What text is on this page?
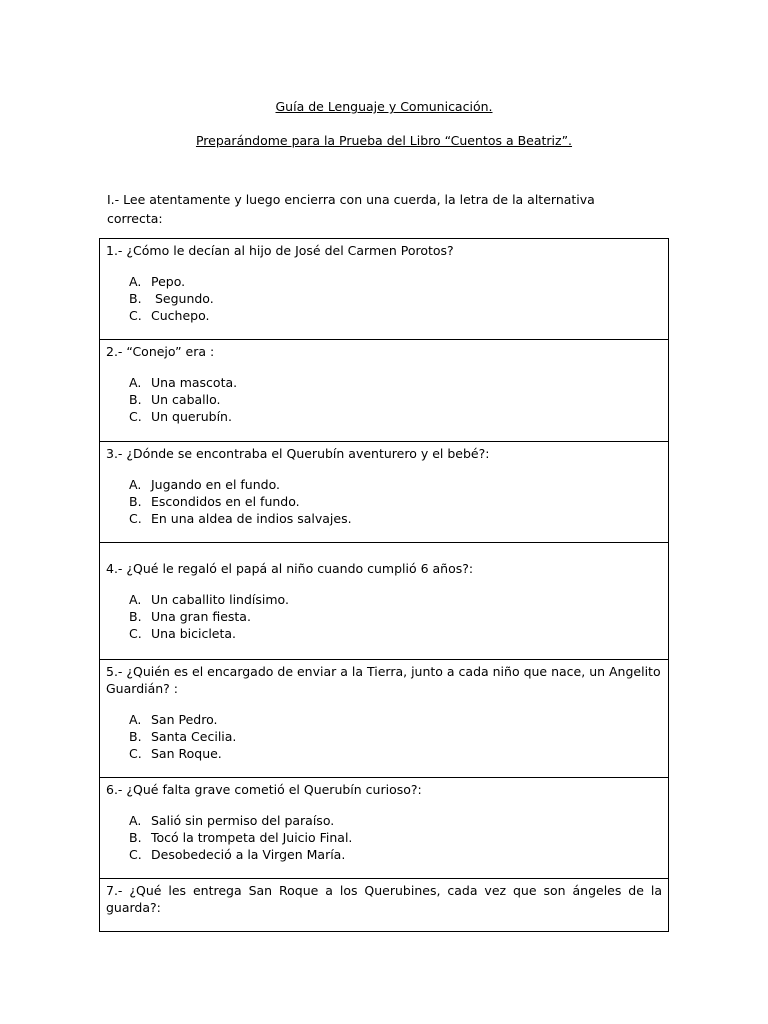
Guía de Lenguaje y Comunicación.
Preparándome para la Prueba del Libro “Cuentos a Beatriz”.
I.- Lee atentamente y luego encierra con una cuerda, la letra de la alternativa correcta:
1.- ¿Cómo le decían al hijo de José del Carmen Porotos?
A. Pepo.
B. Segundo.
C. Cuchepo.

2.- “Conejo” era :
A. Una mascota.
B. Un caballo.
C. Un querubín.

3.- ¿Dónde se encontraba el Querubín aventurero y el bebé?:
A. Jugando en el fundo.
B. Escondidos en el fundo.
C. En una aldea de indios salvajes.

4.- ¿Qué le regaló el papá al niño cuando cumplió 6 años?:
A. Un caballito lindísimo.
B. Una gran fiesta.
C. Una bicicleta.

5.- ¿Quién es el encargado de enviar a la Tierra, junto a cada niño que nace, un Angelito Guardián? :
A. San Pedro.
B. Santa Cecilia.
C. San Roque.

6.- ¿Qué falta grave cometió el Querubín curioso?:
A. Salió sin permiso del paraíso.
B. Tocó la trompeta del Juicio Final.
C. Desobedeció a la Virgen María.

7.- ¿Qué les entrega San Roque a los Querubines, cada vez que son ángeles de la guarda?:
